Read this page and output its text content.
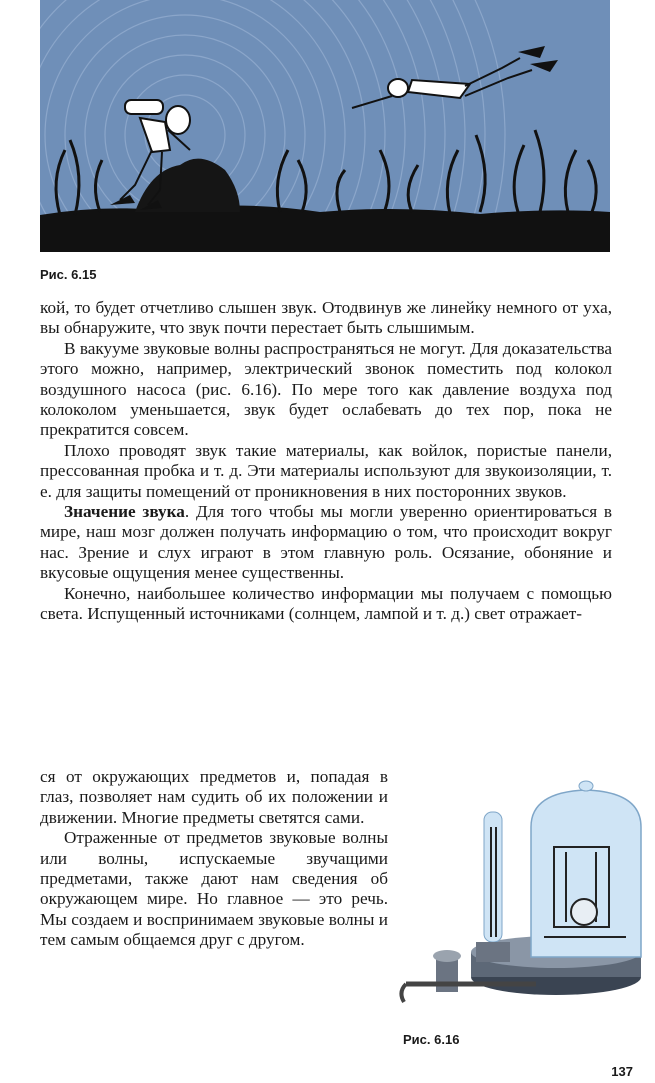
Рис. 6.15

кой, то будет отчетливо слышен звук. Отодвинув же линейку немного от уха, вы обнаружите, что звук почти перестает быть слышимым.

В вакууме звуковые волны распространяться не могут. Для доказательства этого можно, например, электрический звонок поместить под колокол воздушного насоса (рис. 6.16). По мере того как давление воздуха под колоколом уменьшается, звук будет ослабевать до тех пор, пока не прекратится совсем.

Плохо проводят звук такие материалы, как войлок, пористые панели, прессованная пробка и т. д. Эти материалы используют для звукоизоляции, т. е. для защиты помещений от проникновения в них посторонних звуков.

Значение звука. Для того чтобы мы могли уверенно ориентироваться в мире, наш мозг должен получать информацию о том, что происходит вокруг нас. Зрение и слух играют в этом главную роль. Осязание, обоняние и вкусовые ощущения менее существенны.

Конечно, наибольшее количество информации мы получаем с помощью света. Испущенный источниками (солнцем, лампой и т. д.) свет отражает-

ся от окружающих предметов и, попадая в глаз, позволяет нам судить об их положении и движении. Многие предметы светятся сами.

Отраженные от предметов звуковые волны или волны, испускаемые звучащими предметами, также дают нам сведения об окружающем мире. Но главное — это речь. Мы создаем и воспринимаем звуковые волны и тем самым общаемся друг с другом.

Рис. 6.16
137
